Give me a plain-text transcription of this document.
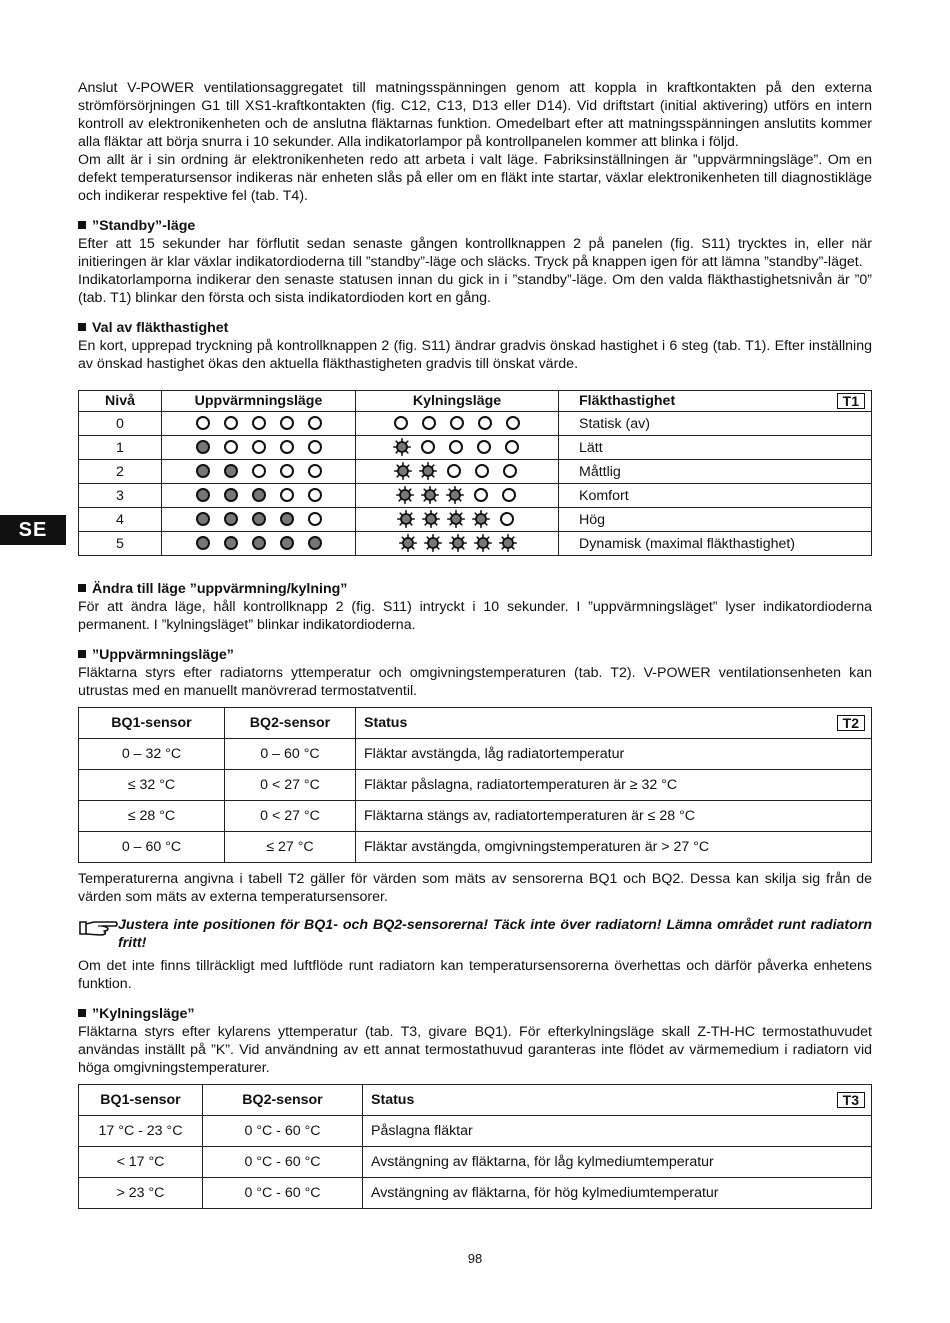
SE

Anslut V-POWER ventilationsaggregatet till matningsspänningen genom att koppla in kraftkontakten på den externa strömförsörjningen G1 till XS1-kraftkontakten (fig. C12, C13, D13 eller D14). Vid driftstart (initial aktivering) utförs en intern kontroll av elektronikenheten och de anslutna fläktarnas funktion. Omedelbart efter att matningsspänningen anslutits kommer alla fläktar att börja snurra i 10 sekunder. Alla indikatorlampor på kontrollpanelen kommer att blinka i följd.

Om allt är i sin ordning är elektronikenheten redo att arbeta i valt läge. Fabriksinställningen är ”uppvärmningsläge”. Om en defekt temperatursensor indikeras när enheten slås på eller om en fläkt inte startar, växlar elektronikenheten till diagnostikläge och indikerar respektive fel (tab. T4).

”Standby”-läge

Efter att 15 sekunder har förflutit sedan senaste gången kontrollknappen 2 på panelen (fig. S11) trycktes in, eller när initieringen är klar växlar indikatordioderna till ”standby”-läge och släcks. Tryck på knappen igen för att lämna ”standby”-läget.

Indikatorlamporna indikerar den senaste statusen innan du gick in i ”standby”-läge. Om den valda fläkthastighetsnivån är ”0” (tab. T1) blinkar den första och sista indikatordioden kort en gång.

Val av fläkthastighet

En kort, upprepad tryckning på kontrollknappen 2 (fig. S11) ändrar gradvis önskad hastighet i 6 steg (tab. T1). Efter inställning av önskad hastighet ökas den aktuella fläkthastigheten gradvis till önskat värde.

Nivå	Uppvärmningsläge	Kylningsläge	Fläkthastighet T1

0			Statisk (av)
1			Lätt
2			Måttlig
3			Komfort
4			Hög
5			Dynamisk (maximal fläkthastighet)
Ändra till läge ”uppvärmning/kylning”

För att ändra läge, håll kontrollknapp 2 (fig. S11) intryckt i 10 sekunder. I ”uppvärmningsläget” lyser indikatordioderna permanent. I ”kylningsläget” blinkar indikatordioderna.

”Uppvärmningsläge”

Fläktarna styrs efter radiatorns yttemperatur och omgivningstemperaturen (tab. T2). V-POWER ventilationsenheten kan utrustas med en manuellt manövrerad termostatventil.

BQ1-sensor	BQ2-sensor	Status T2

0 – 32 °C	0 – 60 °C	Fläktar avstängda, låg radiatortemperatur
≤ 32 °C	0 < 27 °C	Fläktar påslagna, radiatortemperaturen är ≥ 32 °C
≤ 28 °C	0 < 27 °C	Fläktarna stängs av, radiatortemperaturen är ≤ 28 °C
0 – 60 °C	≤ 27 °C	Fläktar avstängda, omgivningstemperaturen är > 27 °C

Temperaturerna angivna i tabell T2 gäller för värden som mäts av sensorerna BQ1 och BQ2. Dessa kan skilja sig från de värden som mäts av externa temperatursensorer.

Justera inte positionen för BQ1- och BQ2-sensorerna! Täck inte över radiatorn! Lämna området runt radiatorn fritt!

Om det inte finns tillräckligt med luftflöde runt radiatorn kan temperatursensorerna överhettas och därför påverka enhetens funktion.

”Kylningsläge”

Fläktarna styrs efter kylarens yttemperatur (tab. T3, givare BQ1). För efterkylningsläge skall Z-TH-HC termostathuvudet användas inställt på ”K”. Vid användning av ett annat termostathuvud garanteras inte flödet av värmemedium i radiatorn vid höga omgivningstemperaturer.

BQ1-sensor	BQ2-sensor	Status T3

17 °C - 23 °C	0 °C - 60 °C	Påslagna fläktar
< 17 °C	0 °C - 60 °C	Avstängning av fläktarna, för låg kylmediumtemperatur
> 23 °C	0 °C - 60 °C	Avstängning av fläktarna, för hög kylmediumtemperatur
98
